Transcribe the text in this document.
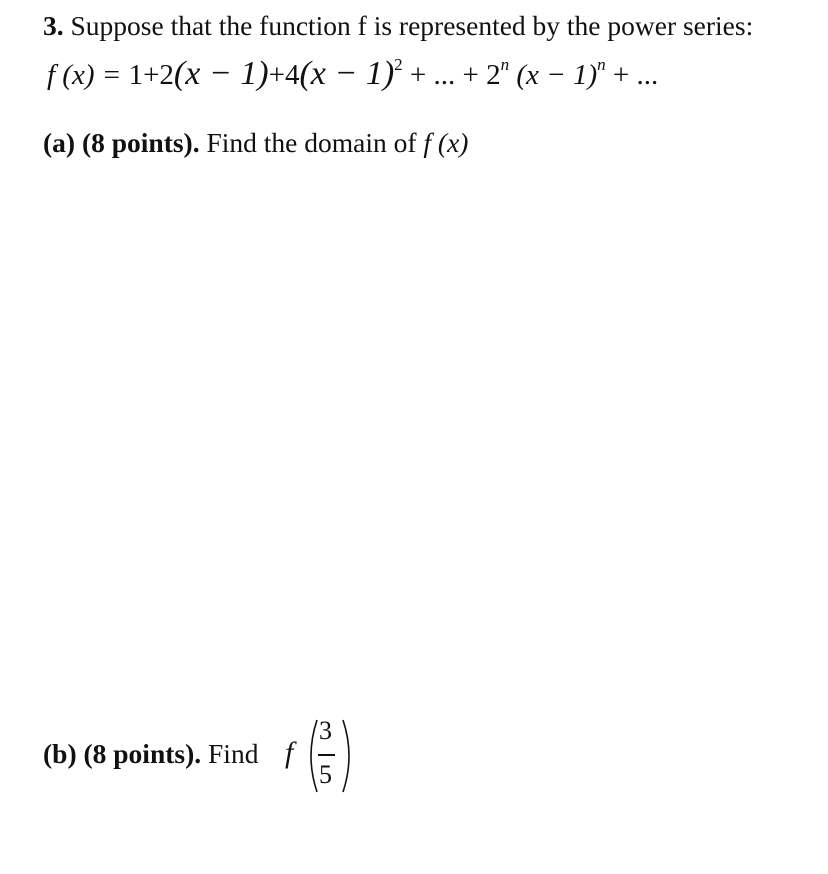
3. Suppose that the function f is represented by the power series:
f $(x) = 1+2(x - 1)+4(x - 1)^2$ + ... + $2^n$ $(x - 1)^n$ + ...
(a) (8 points). Find the domain of f (x)
(b) (8 points). Find f
3
5
